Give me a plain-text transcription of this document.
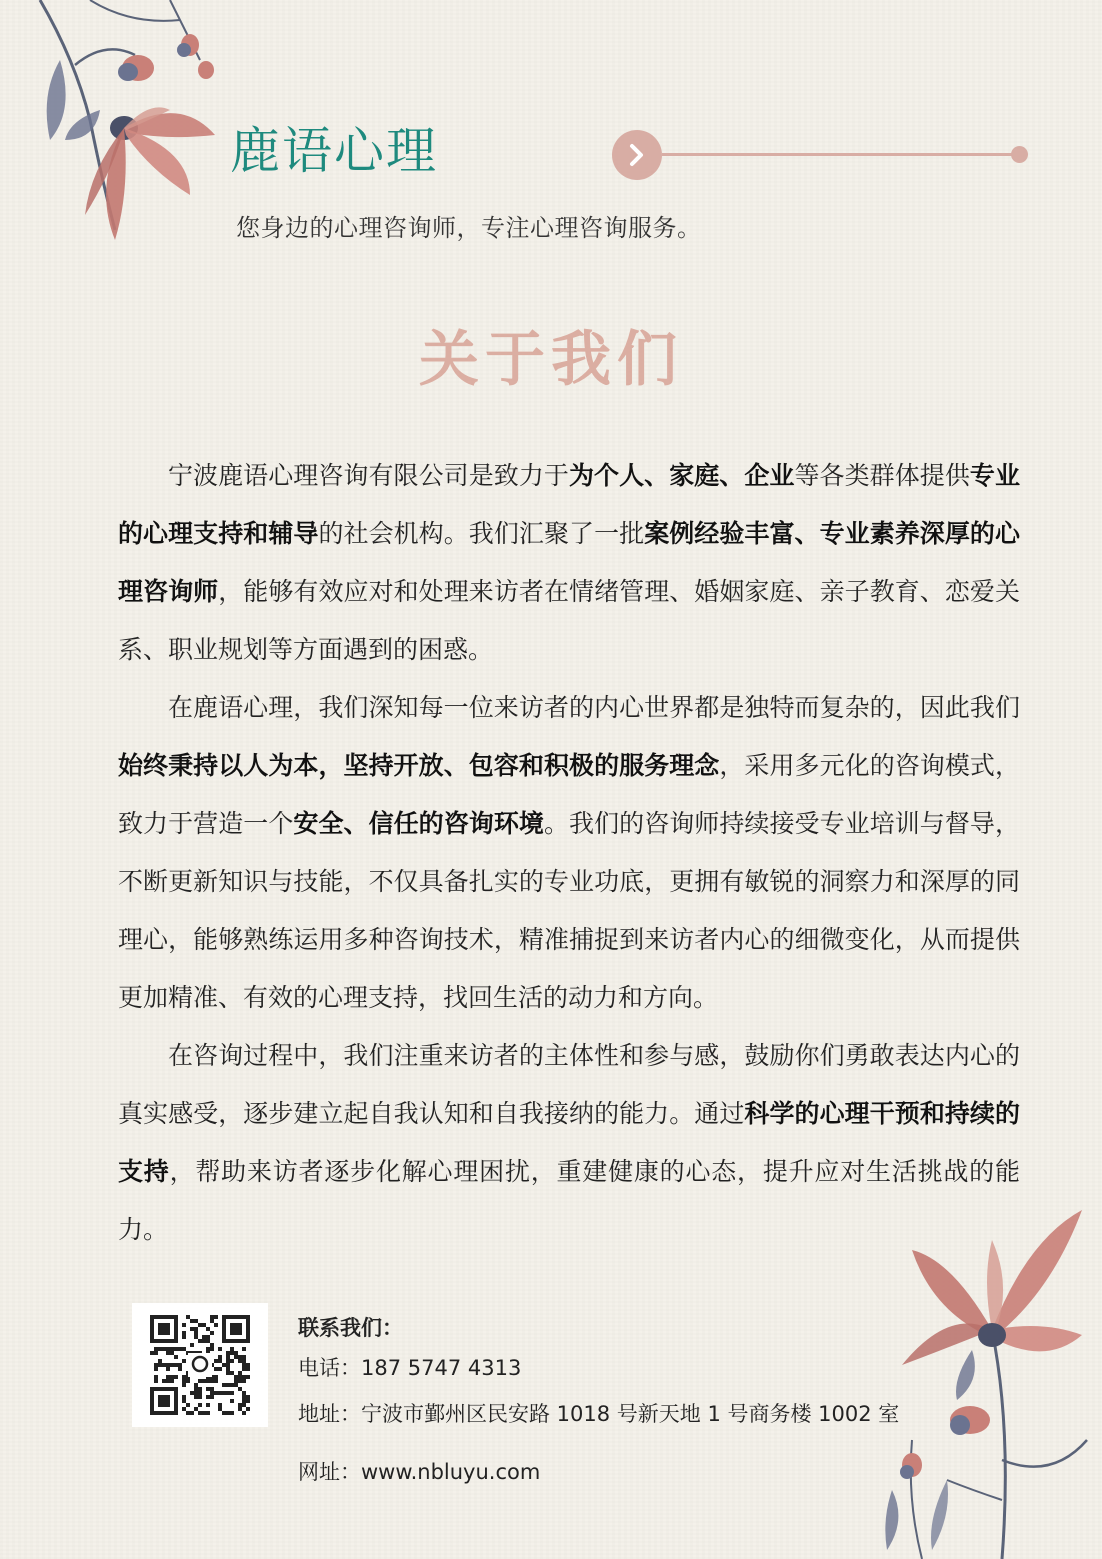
鹿语心理
您身边的心理咨询师，专注心理咨询服务。
关于我们

宁波鹿语心理咨询有限公司是致力于为个人、家庭、企业等各类群体提供专业的心理支持和辅导的社会机构。我们汇聚了一批案例经验丰富、专业素养深厚的心理咨询师，能够有效应对和处理来访者在情绪管理、婚姻家庭、亲子教育、恋爱关系、职业规划等方面遇到的困惑。

在鹿语心理，我们深知每一位来访者的内心世界都是独特而复杂的，因此我们始终秉持以人为本，坚持开放、包容和积极的服务理念，采用多元化的咨询模式，致力于营造一个安全、信任的咨询环境。我们的咨询师持续接受专业培训与督导，不断更新知识与技能，不仅具备扎实的专业功底，更拥有敏锐的洞察力和深厚的同理心，能够熟练运用多种咨询技术，精准捕捉到来访者内心的细微变化，从而提供更加精准、有效的心理支持，找回生活的动力和方向。

在咨询过程中，我们注重来访者的主体性和参与感，鼓励你们勇敢表达内心的真实感受，逐步建立起自我认知和自我接纳的能力。通过科学的心理干预和持续的支持，帮助来访者逐步化解心理困扰，重建健康的心态，提升应对生活挑战的能力。

联系我们：
电话：187 5747 4313
地址：宁波市鄞州区民安路 1018 号新天地 1 号商务楼 1002 室
网址：www.nbluyu.com
